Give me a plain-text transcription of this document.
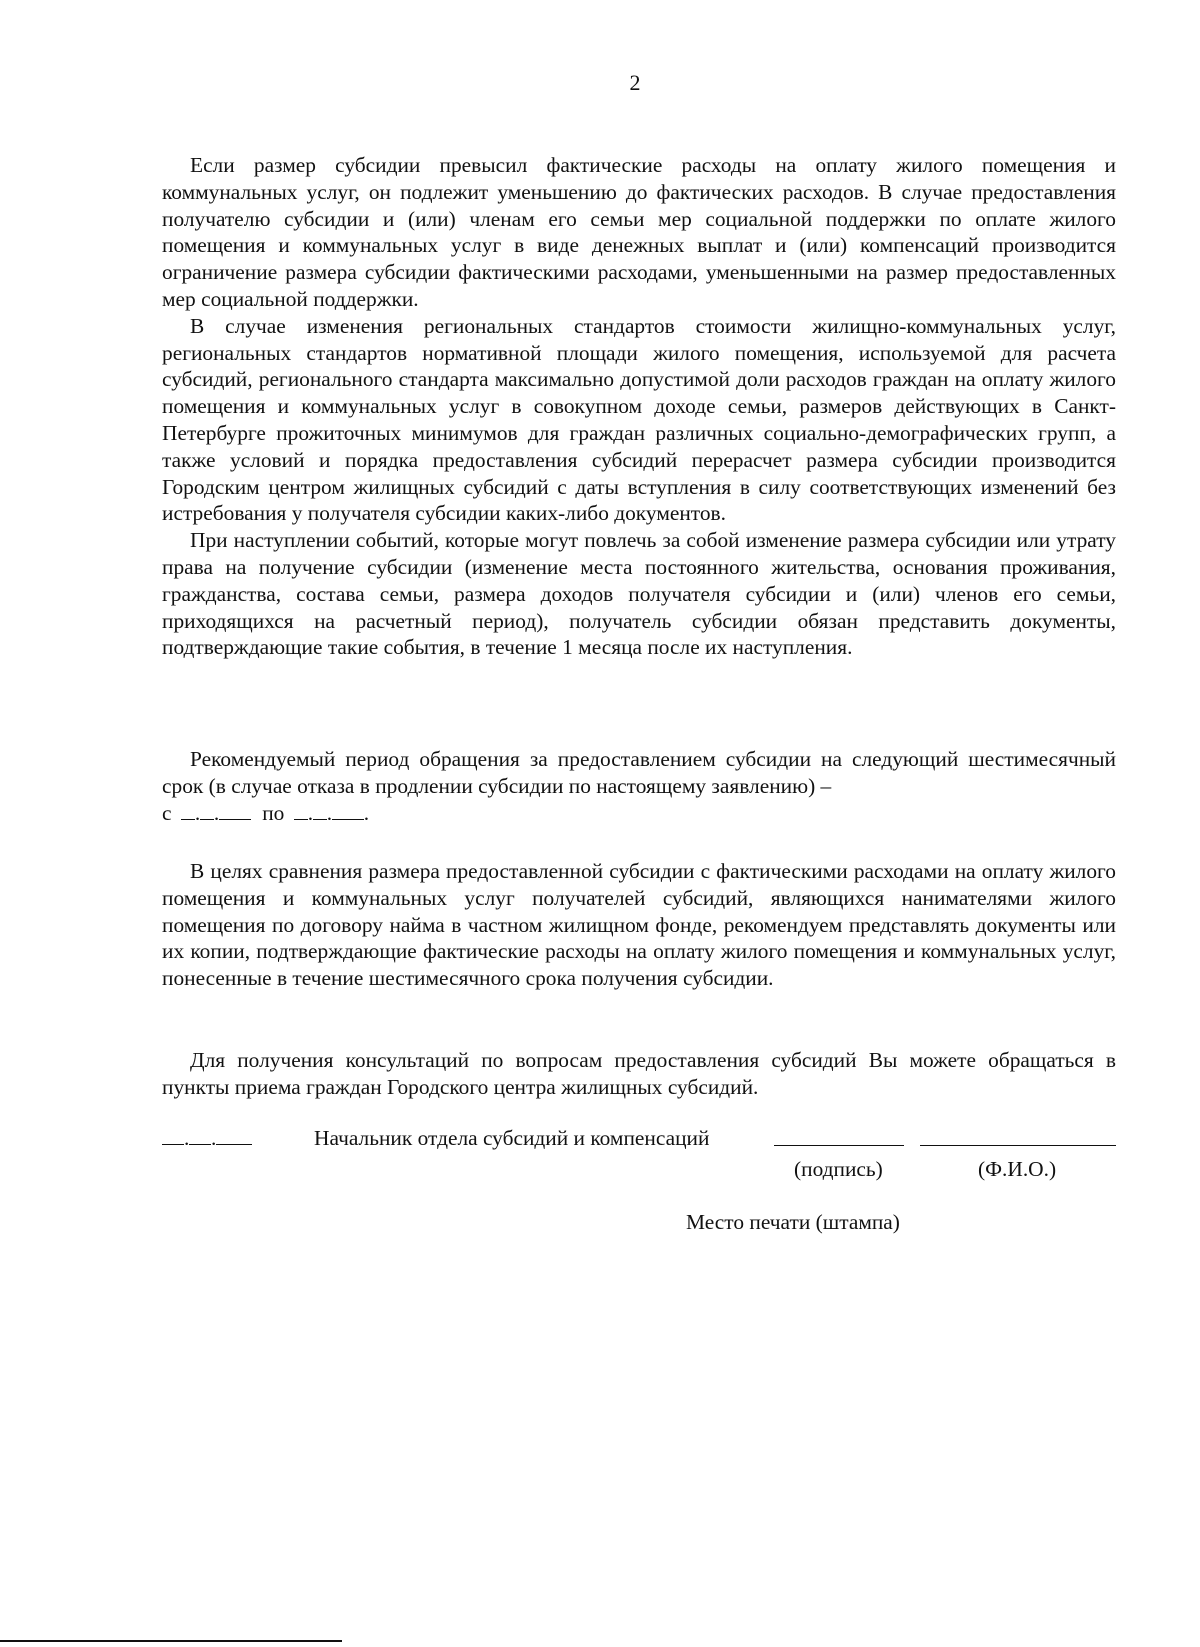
2

Если размер субсидии превысил фактические расходы на оплату жилого помещения и коммунальных услуг, он подлежит уменьшению до фактических расходов. В случае предоставления получателю субсидии и (или) членам его семьи мер социальной поддержки по оплате жилого помещения и коммунальных услуг в виде денежных выплат и (или) компенсаций производится ограничение размера субсидии фактическими расходами, уменьшенными на размер предоставленных мер социальной поддержки.

В случае изменения региональных стандартов стоимости жилищно-коммунальных услуг, региональных стандартов нормативной площади жилого помещения, используемой для расчета субсидий, регионального стандарта максимально допустимой доли расходов граждан на оплату жилого помещения и коммунальных услуг в совокупном доходе семьи, размеров действующих в Санкт-Петербурге прожиточных минимумов для граждан различных социально-демографических групп, а также условий и порядка предоставления субсидий перерасчет размера субсидии производится Городским центром жилищных субсидий с даты вступления в силу соответствующих изменений без истребования у получателя субсидии каких-либо документов.

При наступлении событий, которые могут повлечь за собой изменение размера субсидии или утрату права на получение субсидии (изменение места постоянного жительства, основания проживания, гражданства, состава семьи, размера доходов получателя субсидии и (или) членов его семьи, приходящихся на расчетный период), получатель субсидии обязан представить документы, подтверждающие такие события, в течение 1 месяца после их наступления.

Рекомендуемый период обращения за предоставлением субсидии на следующий шестимесячный срок (в случае отказа в продлении субсидии по настоящему заявлению) –
с . . по . . .

В целях сравнения размера предоставленной субсидии с фактическими расходами на оплату жилого помещения и коммунальных услуг получателей субсидий, являющихся нанимателями жилого помещения по договору найма в частном жилищном фонде, рекомендуем представлять документы или их копии, подтверждающие фактические расходы на оплату жилого помещения и коммунальных услуг, понесенные в течение шестимесячного срока получения субсидии.

Для получения консультаций по вопросам предоставления субсидий Вы можете обращаться в пункты приема граждан Городского центра жилищных субсидий.

. .	Начальник отдела субсидий и компенсаций
(подпись)	(Ф.И.О.)
Место печати (штампа)
